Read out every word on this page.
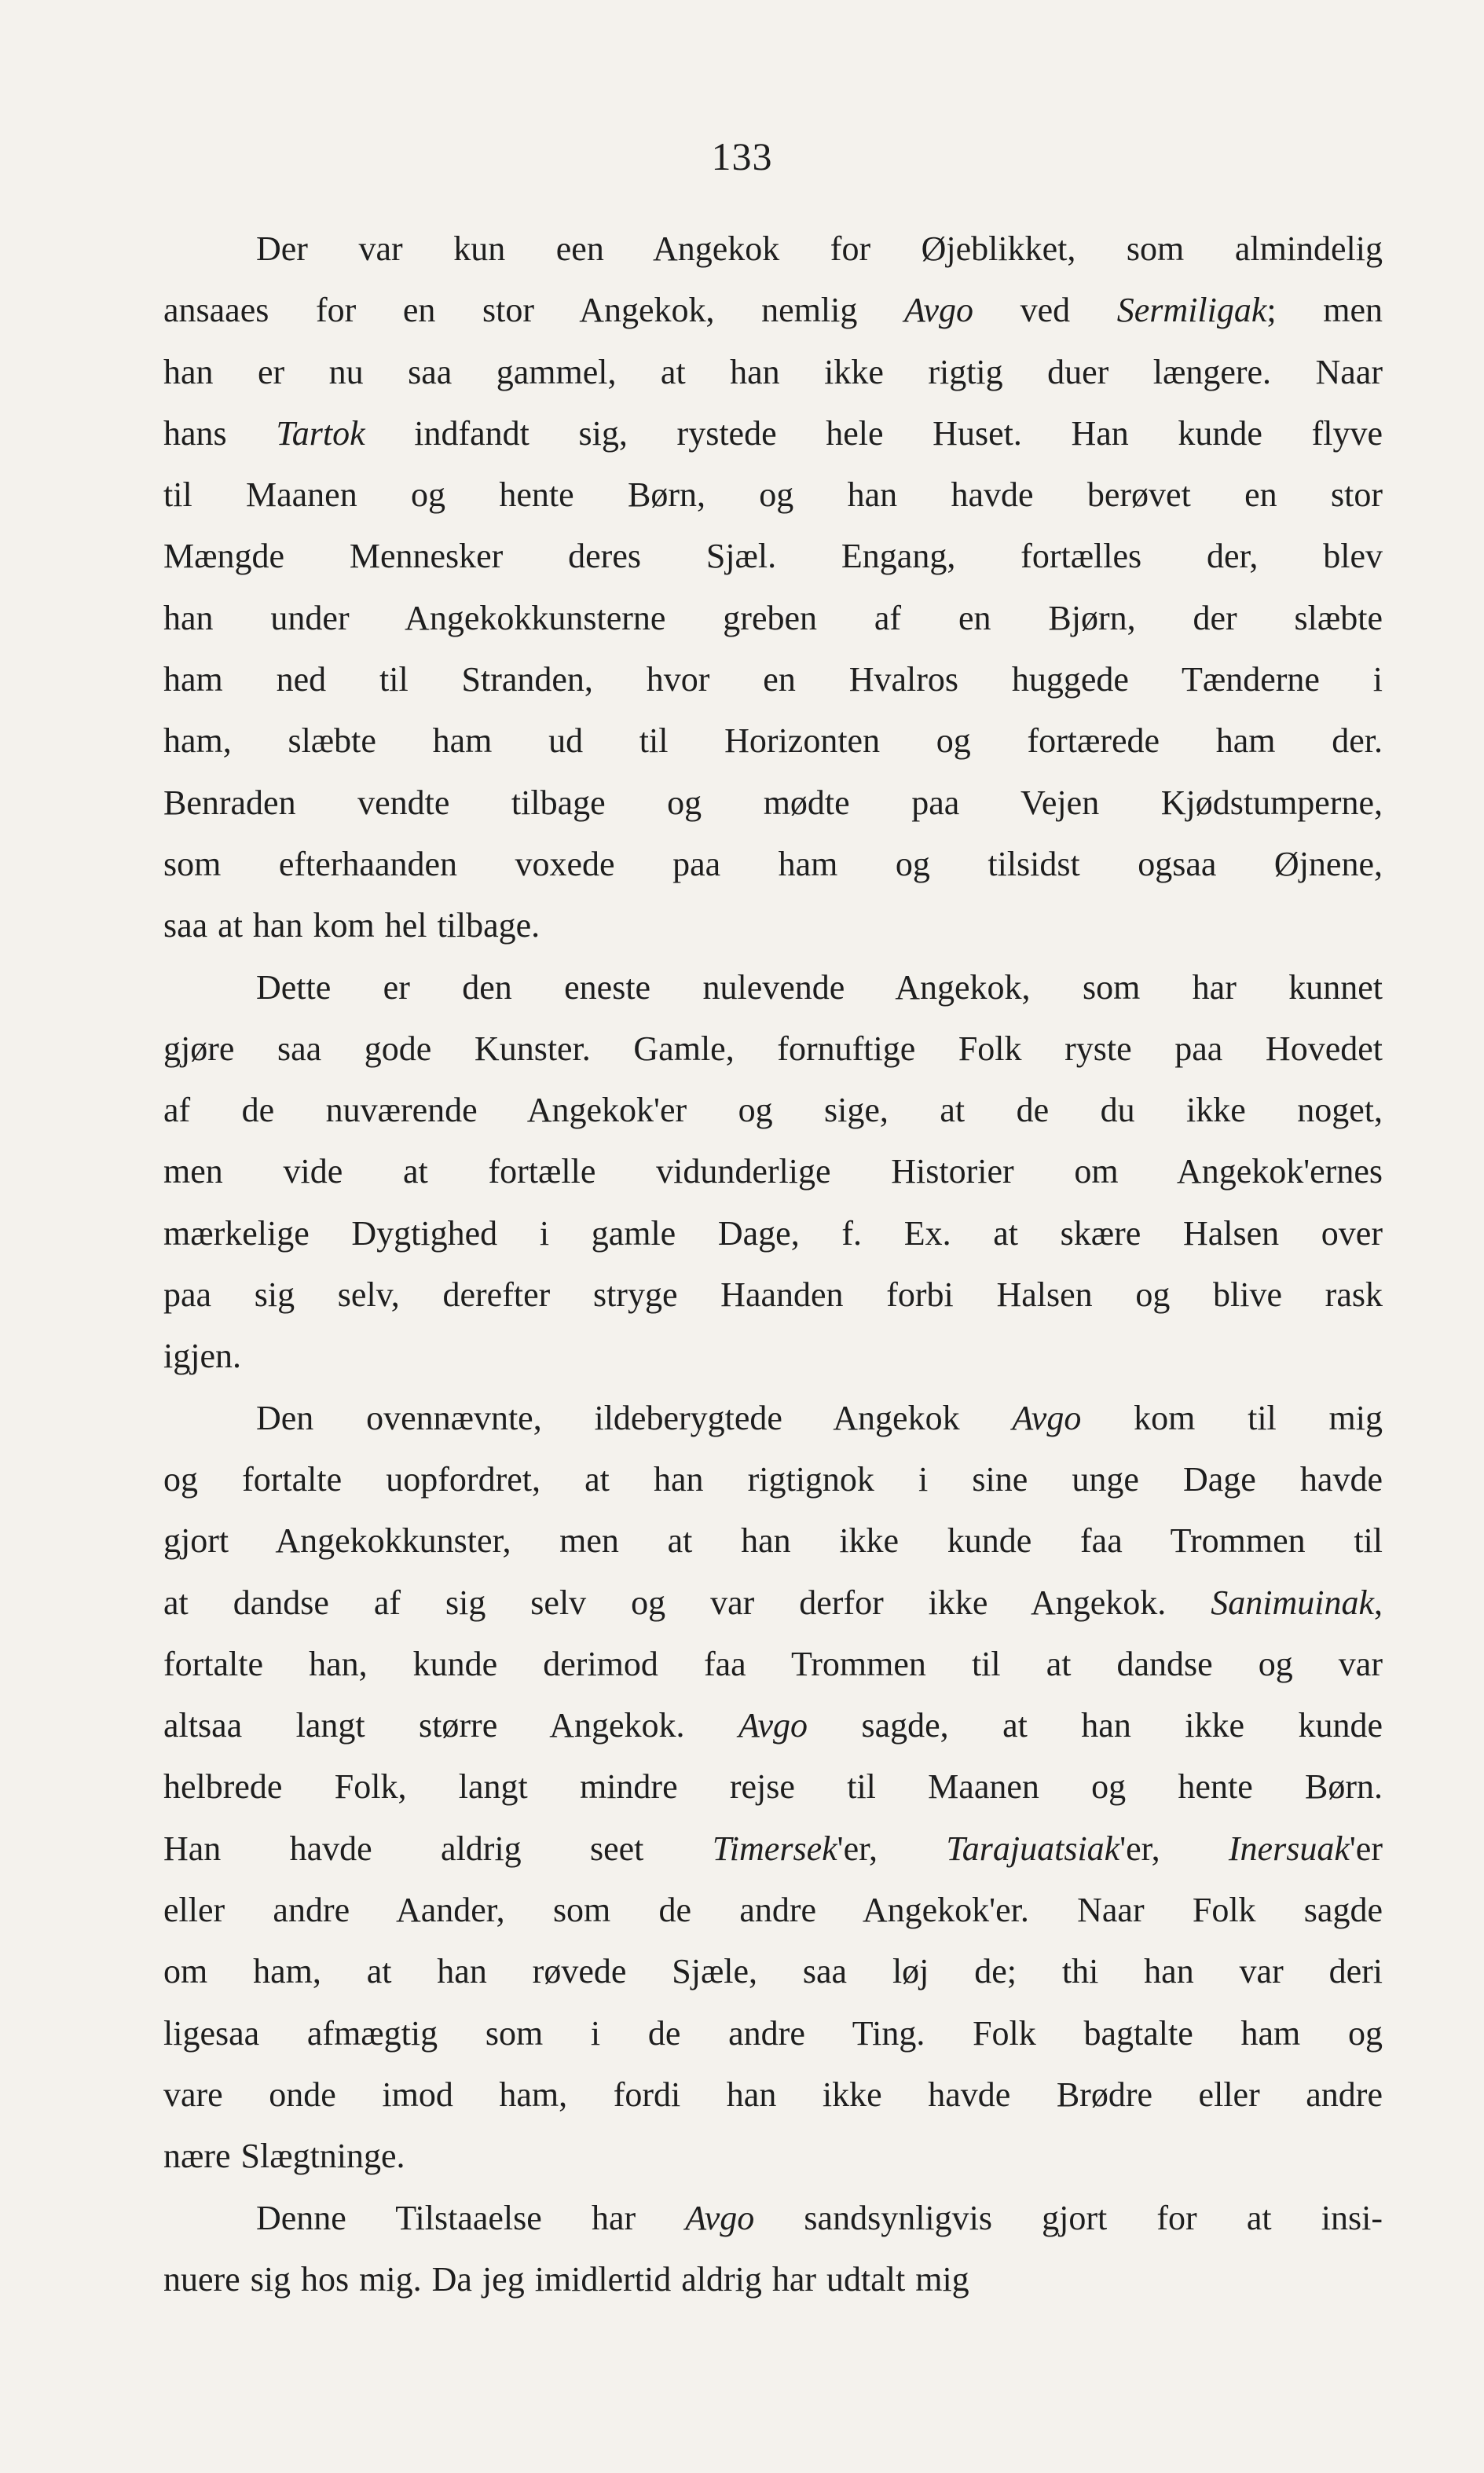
133
Der var kun een Angekok for Øjeblikket, som almindelig
ansaaes for en stor Angekok, nemlig Avgo ved Sermiligak; men
han er nu saa gammel, at han ikke rigtig duer længere. Naar
hans Tartok indfandt sig, rystede hele Huset. Han kunde flyve
til Maanen og hente Børn, og han havde berøvet en stor
Mængde Mennesker deres Sjæl. Engang, fortælles der, blev
han under Angekokkunsterne greben af en Bjørn, der slæbte
ham ned til Stranden, hvor en Hvalros huggede Tænderne i
ham, slæbte ham ud til Horizonten og fortærede ham der.
Benraden vendte tilbage og mødte paa Vejen Kjødstumperne,
som efterhaanden voxede paa ham og tilsidst ogsaa Øjnene,
saa at han kom hel tilbage.
Dette er den eneste nulevende Angekok, som har kunnet
gjøre saa gode Kunster. Gamle, fornuftige Folk ryste paa Hovedet
af de nuværende Angekok'er og sige, at de du ikke noget,
men vide at fortælle vidunderlige Historier om Angekok'ernes
mærkelige Dygtighed i gamle Dage, f. Ex. at skære Halsen over
paa sig selv, derefter stryge Haanden forbi Halsen og blive rask
igjen.
Den ovennævnte, ildeberygtede Angekok Avgo kom til mig
og fortalte uopfordret, at han rigtignok i sine unge Dage havde
gjort Angekokkunster, men at han ikke kunde faa Trommen til
at dandse af sig selv og var derfor ikke Angekok. Sanimuinak,
fortalte han, kunde derimod faa Trommen til at dandse og var
altsaa langt større Angekok. Avgo sagde, at han ikke kunde
helbrede Folk, langt mindre rejse til Maanen og hente Børn.
Han havde aldrig seet Timersek'er, Tarajuatsiak'er, Inersuak'er
eller andre Aander, som de andre Angekok'er. Naar Folk sagde
om ham, at han røvede Sjæle, saa løj de; thi han var deri
ligesaa afmægtig som i de andre Ting. Folk bagtalte ham og
vare onde imod ham, fordi han ikke havde Brødre eller andre
nære Slægtninge.
Denne Tilstaaelse har Avgo sandsynligvis gjort for at insi-
nuere sig hos mig. Da jeg imidlertid aldrig har udtalt mig
